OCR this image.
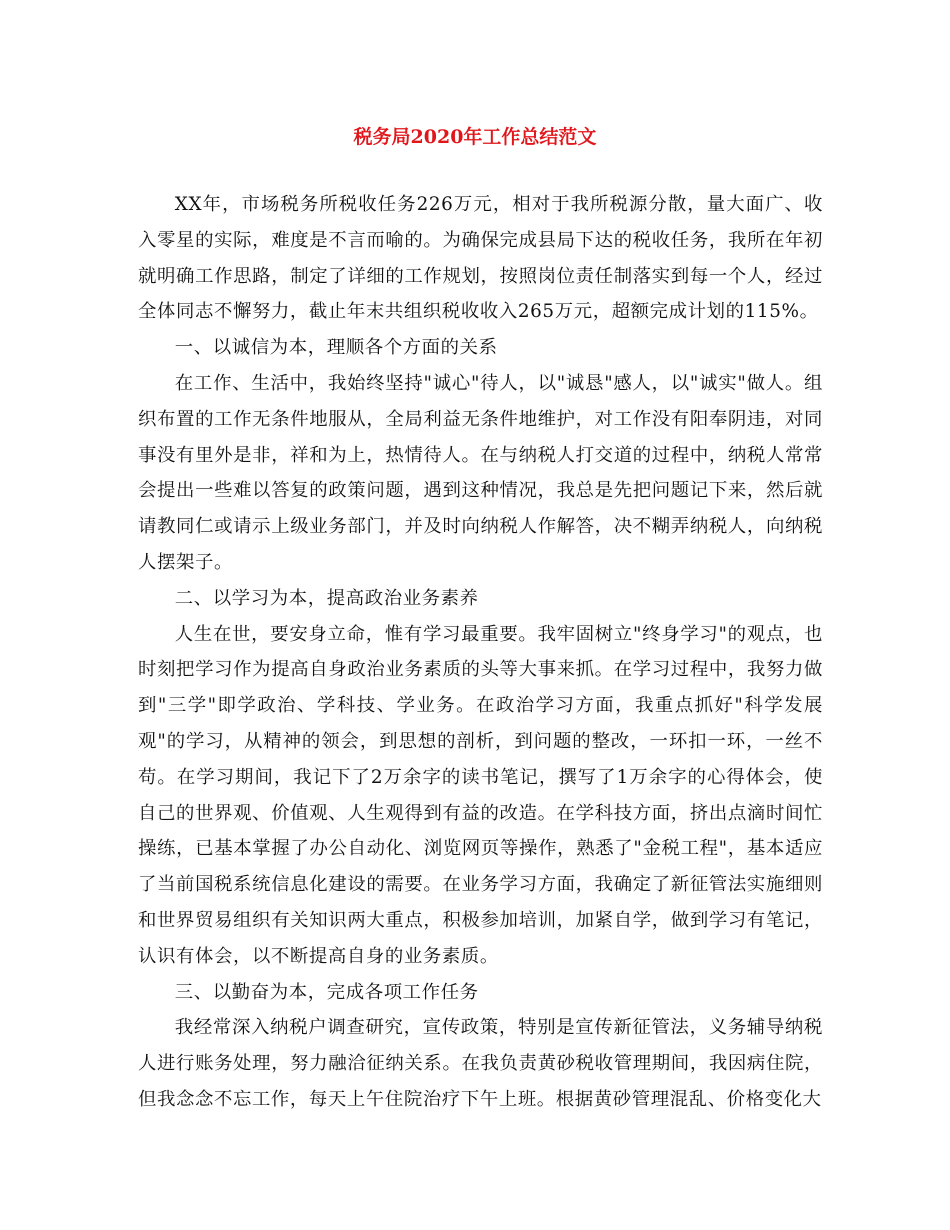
税务局2020年工作总结范文

XX年，市场税务所税收任务226万元，相对于我所税源分散，量大面广、收入零星的实际，难度是不言而喻的。为确保完成县局下达的税收任务，我所在年初就明确工作思路，制定了详细的工作规划，按照岗位责任制落实到每一个人，经过全体同志不懈努力，截止年末共组织税收收入265万元，超额完成计划的115%。

一、以诚信为本，理顺各个方面的关系

在工作、生活中，我始终坚持"诚心"待人，以"诚恳"感人，以"诚实"做人。组织布置的工作无条件地服从，全局利益无条件地维护，对工作没有阳奉阴违，对同事没有里外是非，祥和为上，热情待人。在与纳税人打交道的过程中，纳税人常常会提出一些难以答复的政策问题，遇到这种情况，我总是先把问题记下来，然后就请教同仁或请示上级业务部门，并及时向纳税人作解答，决不糊弄纳税人，向纳税人摆架子。

二、以学习为本，提高政治业务素养

人生在世，要安身立命，惟有学习最重要。我牢固树立"终身学习"的观点，也时刻把学习作为提高自身政治业务素质的头等大事来抓。在学习过程中，我努力做到"三学"即学政治、学科技、学业务。在政治学习方面，我重点抓好"科学发展观"的学习，从精神的领会，到思想的剖析，到问题的整改，一环扣一环，一丝不苟。在学习期间，我记下了2万余字的读书笔记，撰写了1万余字的心得体会，使自己的世界观、价值观、人生观得到有益的改造。在学科技方面，挤出点滴时间忙操练，已基本掌握了办公自动化、浏览网页等操作，熟悉了"金税工程"，基本适应了当前国税系统信息化建设的需要。在业务学习方面，我确定了新征管法实施细则和世界贸易组织有关知识两大重点，积极参加培训，加紧自学，做到学习有笔记，认识有体会，以不断提高自身的业务素质。

三、以勤奋为本，完成各项工作任务

我经常深入纳税户调查研究，宣传政策，特别是宣传新征管法，义务辅导纳税人进行账务处理，努力融洽征纳关系。在我负责黄砂税收管理期间，我因病住院，但我念念不忘工作，每天上午住院治疗下午上班。根据黄砂管理混乱、价格变化大
